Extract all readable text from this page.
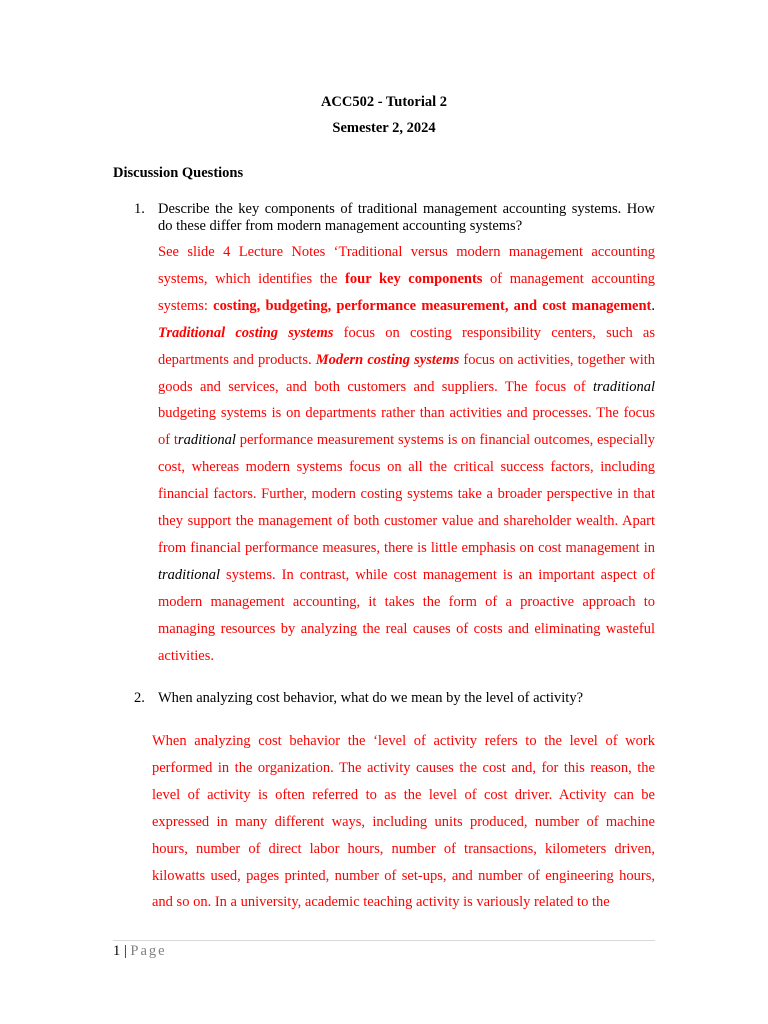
ACC502 - Tutorial 2
Semester 2, 2024
Discussion Questions
1. Describe the key components of traditional management accounting systems. How do these differ from modern management accounting systems?
See slide 4 Lecture Notes ‘Traditional versus modern management accounting systems, which identifies the four key components of management accounting systems: costing, budgeting, performance measurement, and cost management. Traditional costing systems focus on costing responsibility centers, such as departments and products. Modern costing systems focus on activities, together with goods and services, and both customers and suppliers. The focus of traditional budgeting systems is on departments rather than activities and processes. The focus of traditional performance measurement systems is on financial outcomes, especially cost, whereas modern systems focus on all the critical success factors, including financial factors. Further, modern costing systems take a broader perspective in that they support the management of both customer value and shareholder wealth. Apart from financial performance measures, there is little emphasis on cost management in traditional systems. In contrast, while cost management is an important aspect of modern management accounting, it takes the form of a proactive approach to managing resources by analyzing the real causes of costs and eliminating wasteful activities.
2. When analyzing cost behavior, what do we mean by the level of activity?
When analyzing cost behavior the ‘level of activity refers to the level of work performed in the organization. The activity causes the cost and, for this reason, the level of activity is often referred to as the level of cost driver. Activity can be expressed in many different ways, including units produced, number of machine hours, number of direct labor hours, number of transactions, kilometers driven, kilowatts used, pages printed, number of set-ups, and number of engineering hours, and so on. In a university, academic teaching activity is variously related to the
1 | Page
